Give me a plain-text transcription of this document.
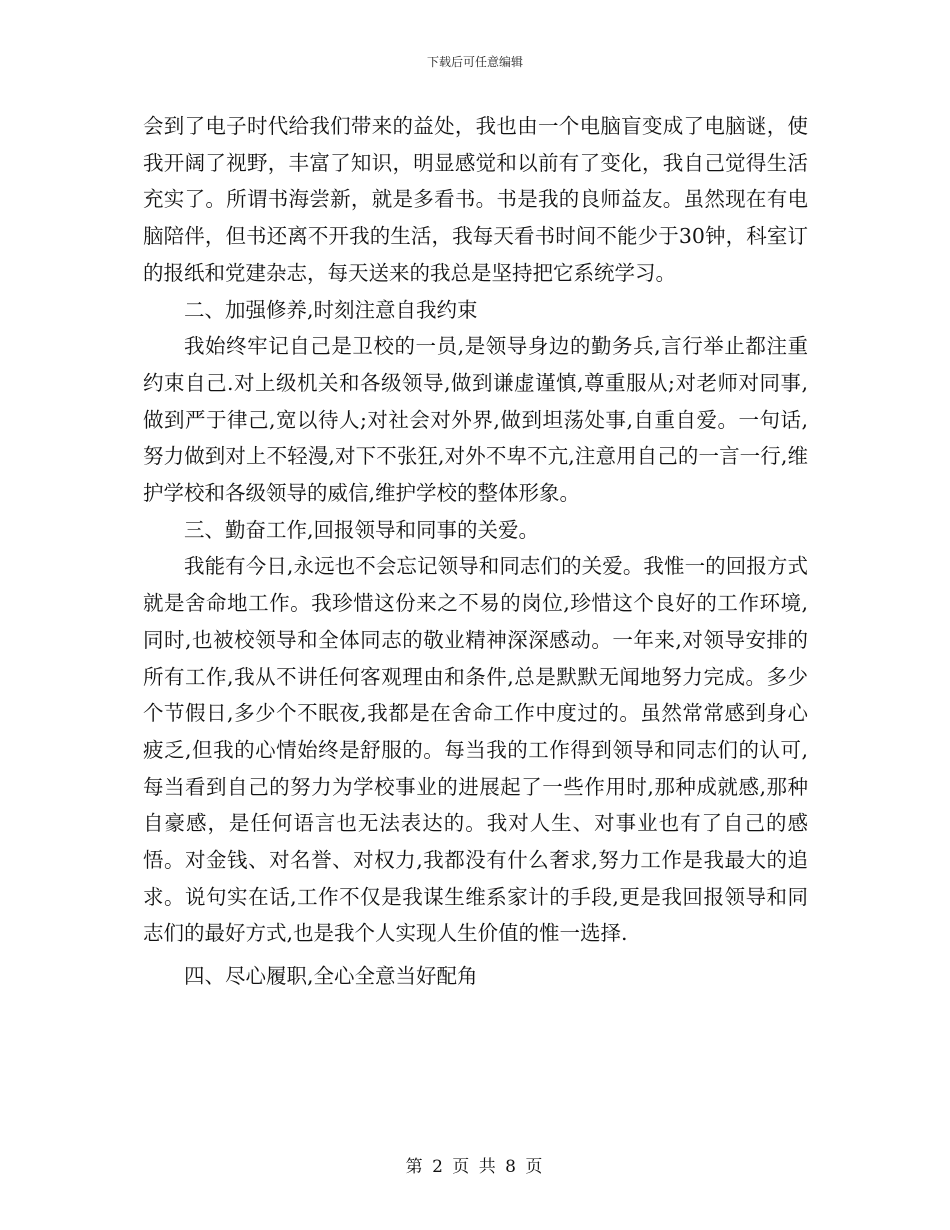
下载后可任意编辑

会到了电子时代给我们带来的益处，我也由一个电脑盲变成了电脑谜，使我开阔了视野，丰富了知识，明显感觉和以前有了变化，我自己觉得生活充实了。所谓书海尝新，就是多看书。书是我的良师益友。虽然现在有电脑陪伴，但书还离不开我的生活，我每天看书时间不能少于30钟，科室订的报纸和党建杂志，每天送来的我总是坚持把它系统学习。

二、加强修养,时刻注意自我约束

我始终牢记自己是卫校的一员,是领导身边的勤务兵,言行举止都注重约束自己.对上级机关和各级领导,做到谦虚谨慎,尊重服从;对老师对同事,做到严于律己,宽以待人;对社会对外界,做到坦荡处事,自重自爱。一句话,努力做到对上不轻漫,对下不张狂,对外不卑不亢,注意用自己的一言一行,维护学校和各级领导的威信,维护学校的整体形象。

三、勤奋工作,回报领导和同事的关爱。

我能有今日,永远也不会忘记领导和同志们的关爱。我惟一的回报方式就是舍命地工作。我珍惜这份来之不易的岗位,珍惜这个良好的工作环境,同时,也被校领导和全体同志的敬业精神深深感动。一年来,对领导安排的所有工作,我从不讲任何客观理由和条件,总是默默无闻地努力完成。多少个节假日,多少个不眠夜,我都是在舍命工作中度过的。虽然常常感到身心疲乏,但我的心情始终是舒服的。每当我的工作得到领导和同志们的认可,每当看到自己的努力为学校事业的进展起了一些作用时,那种成就感,那种自豪感，是任何语言也无法表达的。我对人生、对事业也有了自己的感悟。对金钱、对名誉、对权力,我都没有什么奢求,努力工作是我最大的追求。说句实在话,工作不仅是我谋生维系家计的手段,更是我回报领导和同志们的最好方式,也是我个人实现人生价值的惟一选择.

四、尽心履职,全心全意当好配角

第 2 页 共 8 页
